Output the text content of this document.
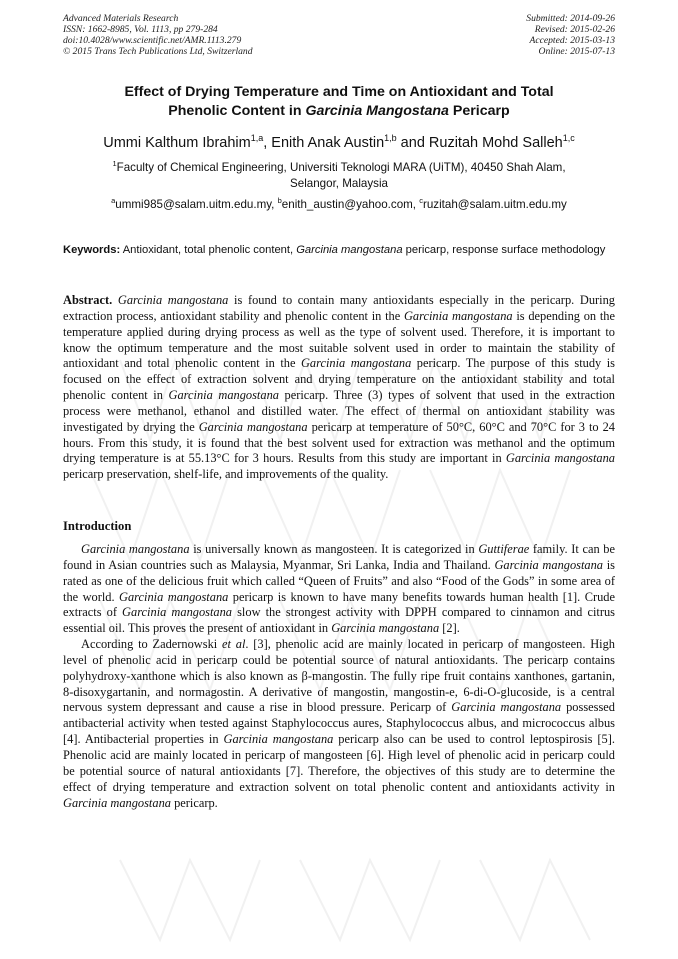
Advanced Materials Research
ISSN: 1662-8985, Vol. 1113, pp 279-284
doi:10.4028/www.scientific.net/AMR.1113.279
© 2015 Trans Tech Publications Ltd, Switzerland
Submitted: 2014-09-26
Revised: 2015-02-26
Accepted: 2015-03-13
Online: 2015-07-13
Effect of Drying Temperature and Time on Antioxidant and Total
Phenolic Content in Garcinia Mangostana Pericarp
Ummi Kalthum Ibrahim$^{1,a}$, Enith Anak Austin$^{1,b}$ and Ruzitah Mohd Salleh$^{1,c}$
$^1$Faculty of Chemical Engineering, Universiti Teknologi MARA (UiTM), 40450 Shah Alam,
Selangor, Malaysia
$^a$ummi985@salam.uitm.edu.my, $^b$enith_austin@yahoo.com, $^c$ruzitah@salam.uitm.edu.my
Keywords: Antioxidant, total phenolic content, Garcinia mangostana pericarp, response surface methodology
Abstract. Garcinia mangostana is found to contain many antioxidants especially in the pericarp. During extraction process, antioxidant stability and phenolic content in the Garcinia mangostana is depending on the temperature applied during drying process as well as the type of solvent used. Therefore, it is important to know the optimum temperature and the most suitable solvent used in order to maintain the stability of antioxidant and total phenolic content in the Garcinia mangostana pericarp. The purpose of this study is focused on the effect of extraction solvent and drying temperature on the antioxidant stability and total phenolic content in Garcinia mangostana pericarp. Three (3) types of solvent that used in the extraction process were methanol, ethanol and distilled water. The effect of thermal on antioxidant stability was investigated by drying the Garcinia mangostana pericarp at temperature of 50°C, 60°C and 70°C for 3 to 24 hours. From this study, it is found that the best solvent used for extraction was methanol and the optimum drying temperature is at 55.13°C for 3 hours. Results from this study are important in Garcinia mangostana pericarp preservation, shelf-life, and improvements of the quality.
Introduction

Garcinia mangostana is universally known as mangosteen. It is categorized in Guttiferae family. It can be found in Asian countries such as Malaysia, Myanmar, Sri Lanka, India and Thailand. Garcinia mangostana is rated as one of the delicious fruit which called “Queen of Fruits” and also “Food of the Gods” in some area of the world. Garcinia mangostana pericarp is known to have many benefits towards human health [1]. Crude extracts of Garcinia mangostana slow the strongest activity with DPPH compared to cinnamon and citrus essential oil. This proves the present of antioxidant in Garcinia mangostana [2].

According to Zadernowski et al. [3], phenolic acid are mainly located in pericarp of mangosteen. High level of phenolic acid in pericarp could be potential source of natural antioxidants. The pericarp contains polyhydroxy-xanthone which is also known as β-mangostin. The fully ripe fruit contains xanthones, gartanin, 8-disoxygartanin, and normagostin. A derivative of mangostin, mangostin-e, 6-di-O-glucoside, is a central nervous system depressant and cause a rise in blood pressure. Pericarp of Garcinia mangostana possessed antibacterial activity when tested against Staphylococcus aures, Staphylococcus albus, and micrococcus albus [4]. Antibacterial properties in Garcinia mangostana pericarp also can be used to control leptospirosis [5]. Phenolic acid are mainly located in pericarp of mangosteen [6]. High level of phenolic acid in pericarp could be potential source of natural antioxidants [7]. Therefore, the objectives of this study are to determine the effect of drying temperature and extraction solvent on total phenolic content and antioxidants activity in Garcinia mangostana pericarp.
